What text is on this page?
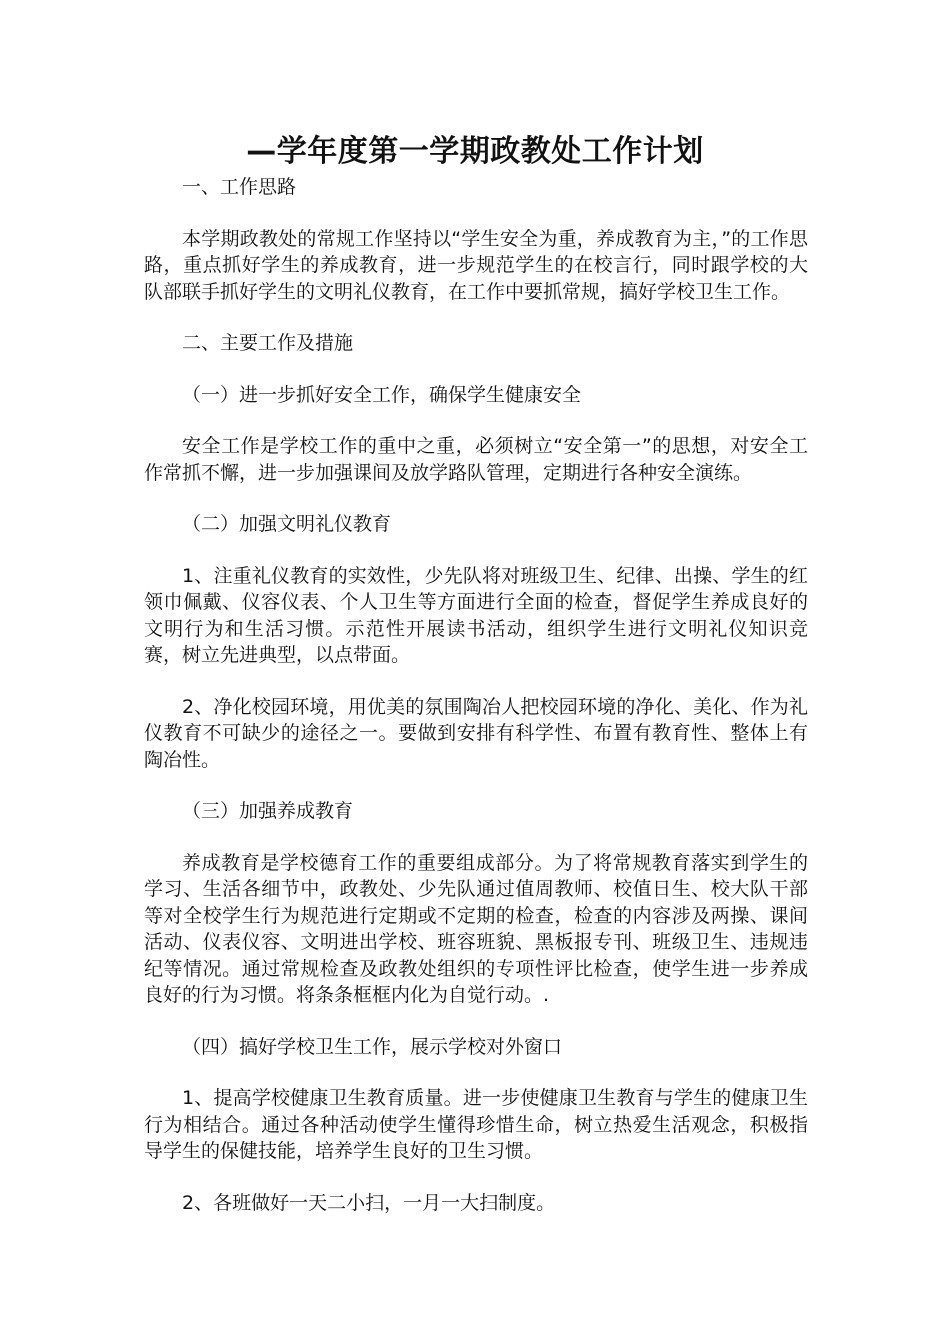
—学年度第一学期政教处工作计划

一、工作思路

本学期政教处的常规工作坚持以“学生安全为重，养成教育为主，”的工作思路，重点抓好学生的养成教育，进一步规范学生的在校言行，同时跟学校的大队部联手抓好学生的文明礼仪教育，在工作中要抓常规，搞好学校卫生工作。

二、主要工作及措施

（一）进一步抓好安全工作，确保学生健康安全

安全工作是学校工作的重中之重，必须树立“安全第一”的思想，对安全工作常抓不懈，进一步加强课间及放学路队管理，定期进行各种安全演练。

（二）加强文明礼仪教育

1、注重礼仪教育的实效性，少先队将对班级卫生、纪律、出操、学生的红领巾佩戴、仪容仪表、个人卫生等方面进行全面的检查，督促学生养成良好的文明行为和生活习惯。示范性开展读书活动，组织学生进行文明礼仪知识竞赛，树立先进典型，以点带面。

2、净化校园环境，用优美的氛围陶冶人把校园环境的净化、美化、作为礼仪教育不可缺少的途径之一。要做到安排有科学性、布置有教育性、整体上有陶冶性。

（三）加强养成教育

养成教育是学校德育工作的重要组成部分。为了将常规教育落实到学生的学习、生活各细节中，政教处、少先队通过值周教师、校值日生、校大队干部等对全校学生行为规范进行定期或不定期的检查，检查的内容涉及两操、课间活动、仪表仪容、文明进出学校、班容班貌、黑板报专刊、班级卫生、违规违纪等情况。通过常规检查及政教处组织的专项性评比检查，使学生进一步养成良好的行为习惯。将条条框框内化为自觉行动。.

（四）搞好学校卫生工作，展示学校对外窗口

1、提高学校健康卫生教育质量。进一步使健康卫生教育与学生的健康卫生行为相结合。通过各种活动使学生懂得珍惜生命，树立热爱生活观念，积极指导学生的保健技能，培养学生良好的卫生习惯。

2、各班做好一天二小扫，一月一大扫制度。
